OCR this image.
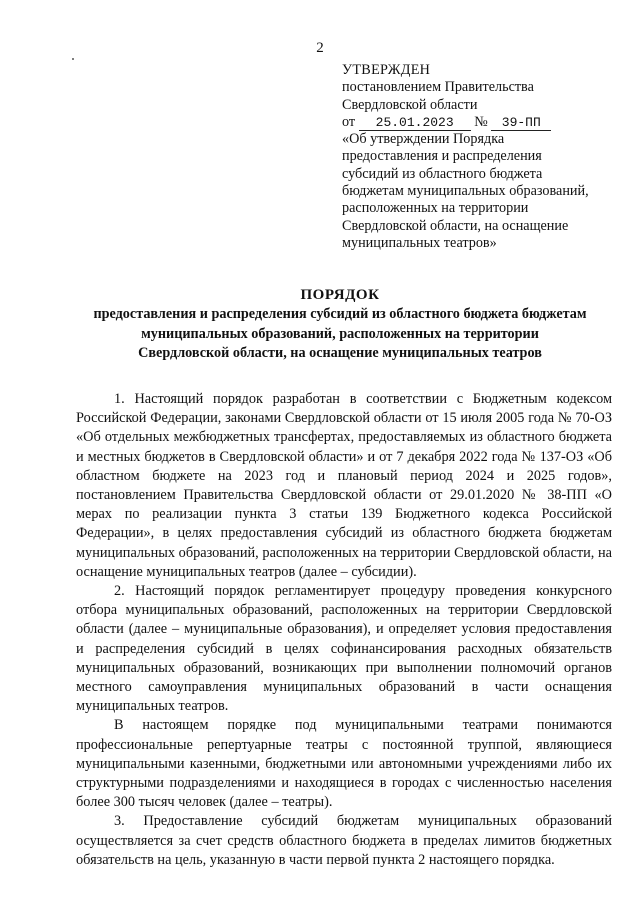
2
УТВЕРЖДЕН
постановлением Правительства
Свердловской области
от 25.01.2023 № 39-ПП
«Об утверждении Порядка
предоставления и распределения
субсидий из областного бюджета
бюджетам муниципальных образований,
расположенных на территории
Свердловской области, на оснащение
муниципальных театров»
ПОРЯДОК
предоставления и распределения субсидий из областного бюджета бюджетам
муниципальных образований, расположенных на территории
Свердловской области, на оснащение муниципальных театров

1. Настоящий порядок разработан в соответствии с Бюджетным кодексом Российской Федерации, законами Свердловской области от 15 июля 2005 года № 70-ОЗ «Об отдельных межбюджетных трансфертах, предоставляемых из областного бюджета и местных бюджетов в Свердловской области» и от 7 декабря 2022 года № 137-ОЗ «Об областном бюджете на 2023 год и плановый период 2024 и 2025 годов», постановлением Правительства Свердловской области от 29.01.2020 № 38-ПП «О мерах по реализации пункта 3 статьи 139 Бюджетного кодекса Российской Федерации», в целях предоставления субсидий из областного бюджета бюджетам муниципальных образований, расположенных на территории Свердловской области, на оснащение муниципальных театров (далее – субсидии).

2. Настоящий порядок регламентирует процедуру проведения конкурсного отбора муниципальных образований, расположенных на территории Свердловской области (далее – муниципальные образования), и определяет условия предоставления и распределения субсидий в целях софинансирования расходных обязательств муниципальных образований, возникающих при выполнении полномочий органов местного самоуправления муниципальных образований в части оснащения муниципальных театров.

В настоящем порядке под муниципальными театрами понимаются профессиональные репертуарные театры с постоянной труппой, являющиеся муниципальными казенными, бюджетными или автономными учреждениями либо их структурными подразделениями и находящиеся в городах с численностью населения более 300 тысяч человек (далее – театры).

3. Предоставление субсидий бюджетам муниципальных образований осуществляется за счет средств областного бюджета в пределах лимитов бюджетных обязательств на цель, указанную в части первой пункта 2 настоящего порядка.
